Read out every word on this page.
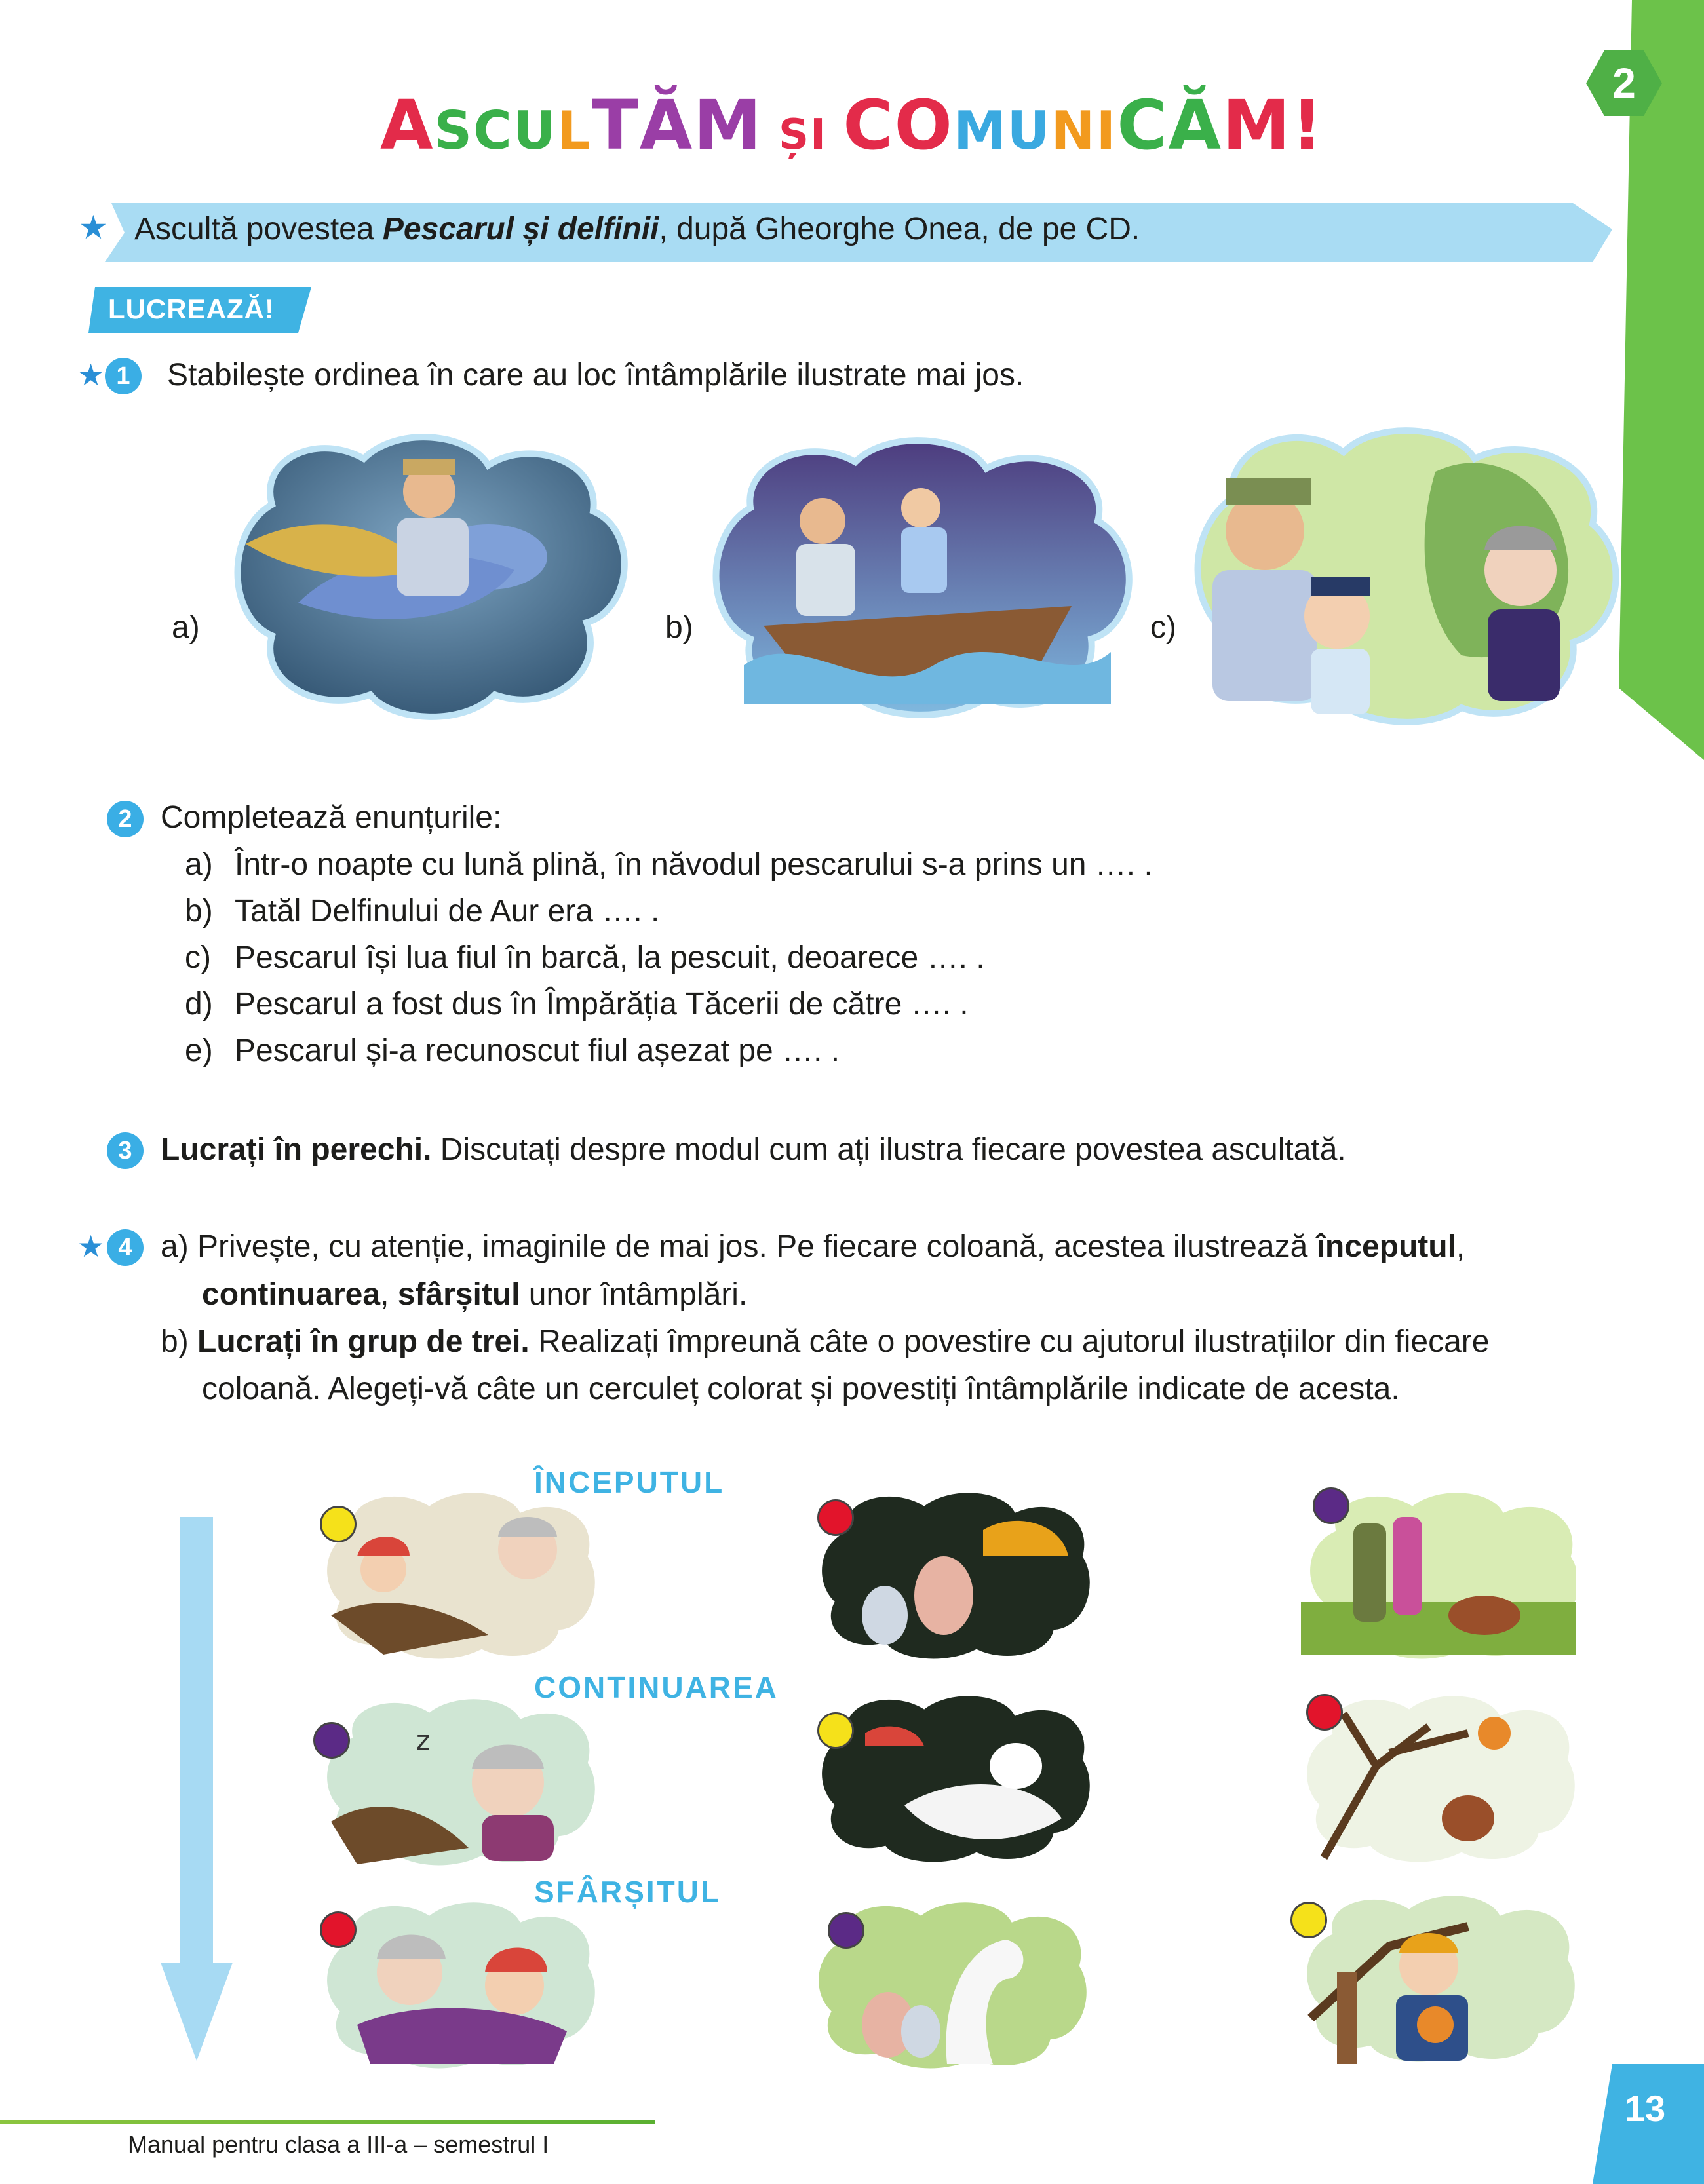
2
ASCULTĂM ȘI COMUNICĂM!
★ Ascultă povestea Pescarul și delfinii, după Gheorghe Onea, de pe CD.
LUCREAZĂ!
★ 1	Stabilește ordinea în care au loc întâmplările ilustrate mai jos.
a)	b)	c)
2 Completează enunțurile:
a) Într-o noapte cu lună plină, în năvodul pescarului s-a prins un …. .
b) Tatăl Delfinului de Aur era …. .
c) Pescarul își lua fiul în barcă, la pescuit, deoarece …. .
d) Pescarul a fost dus în Împărăția Tăcerii de către …. .
e) Pescarul și-a recunoscut fiul așezat pe …. .
3 Lucrați în perechi. Discutați despre modul cum ați ilustra fiecare povestea ascultată.
★ 4 a) Privește, cu atenție, imaginile de mai jos. Pe fiecare coloană, acestea ilustrează începutul,
continuarea, sfârșitul unor întâmplări.
b) Lucrați în grup de trei. Realizați împreună câte o povestire cu ajutorul ilustrațiilor din fiecare
coloană. Alegeți-vă câte un cerculeț colorat și povestiți întâmplările indicate de acesta.
ÎNCEPUTUL
CONTINUAREA
SFÂRȘITUL
z
Manual pentru clasa a III-a – semestrul I
13
